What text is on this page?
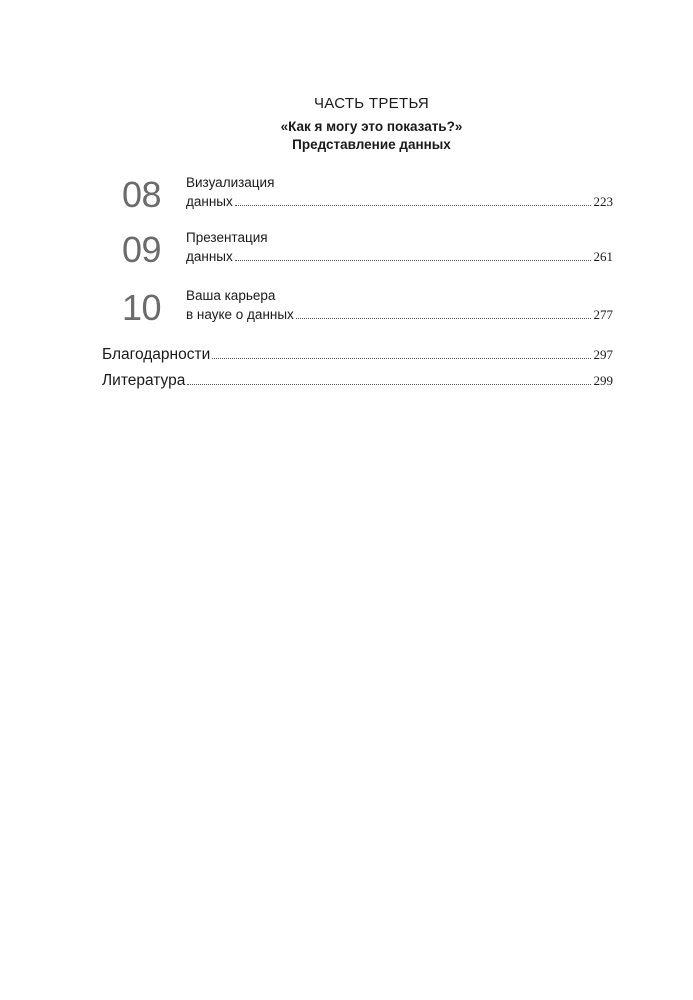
ЧАСТЬ ТРЕТЬЯ
«Как я могу это показать?»
Представление данных
08 Визуализация
данных	223
09 Презентация
данных	261
10 Ваша карьера
в науке о данных	277
Благодарности	297
Литература	299
